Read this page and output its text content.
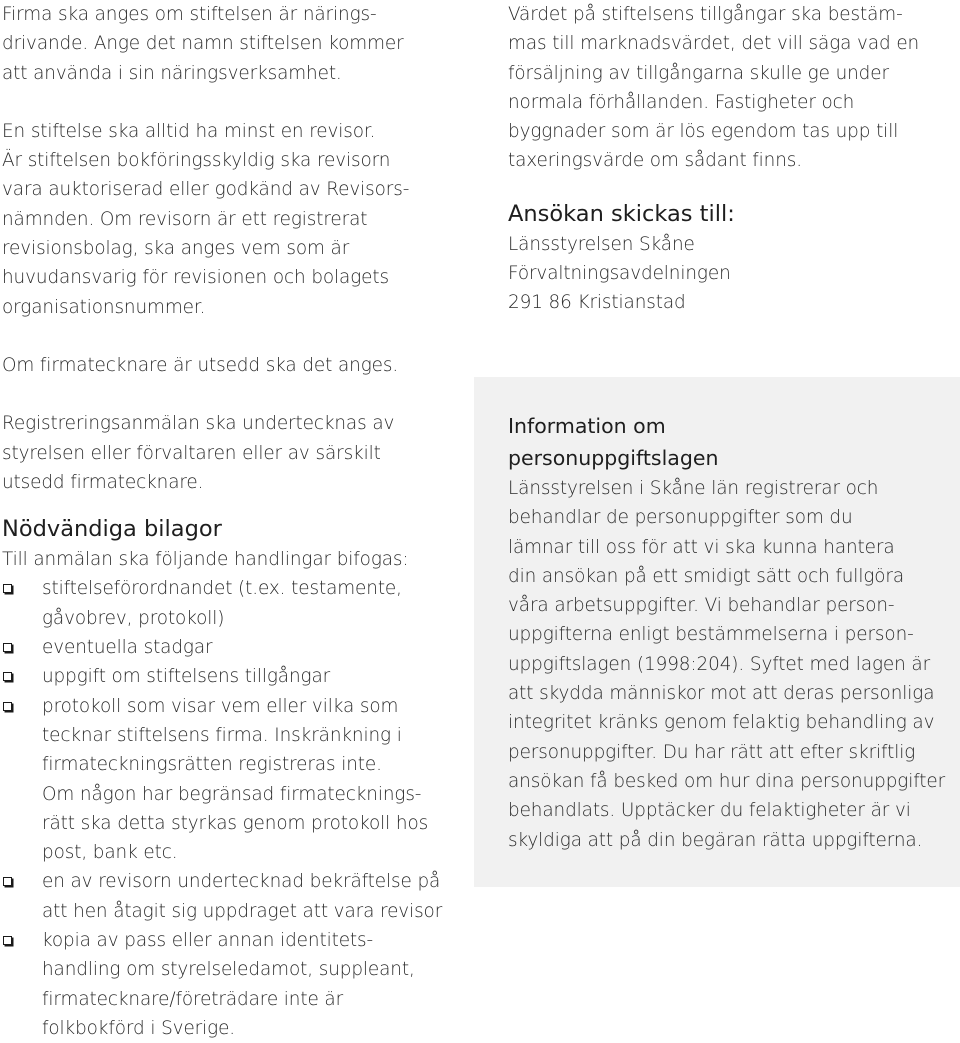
Firma ska anges om stiftelsen är närings-
drivande. Ange det namn stiftelsen kommer
att använda i sin näringsverksamhet.

En stiftelse ska alltid ha minst en revisor.
Är stiftelsen bokföringsskyldig ska revisorn
vara auktoriserad eller godkänd av Revisors-
nämnden. Om revisorn är ett registrerat
revisionsbolag, ska anges vem som är
huvudansvarig för revisionen och bolagets
organisationsnummer.

Om firmatecknare är utsedd ska det anges.

Registreringsanmälan ska undertecknas av
styrelsen eller förvaltaren eller av särskilt
utsedd firmatecknare.

Nödvändiga bilagor

Till anmälan ska följande handlingar bifogas:

stiftelseförordnandet (t.ex. testamente,
gåvobrev, protokoll)
eventuella stadgar
uppgift om stiftelsens tillgångar
protokoll som visar vem eller vilka som
tecknar stiftelsens firma. Inskränkning i
firmateckningsrätten registreras inte.
Om någon har begränsad firmatecknings-
rätt ska detta styrkas genom protokoll hos
post, bank etc.
en av revisorn undertecknad bekräftelse på
att hen åtagit sig uppdraget att vara revisor
kopia av pass eller annan identitets-
handling om styrelseledamot, suppleant,
firmatecknare/företrädare inte är
folkbokförd i Sverige.

Värdet på stiftelsens tillgångar ska bestäm-
mas till marknadsvärdet, det vill säga vad en
försäljning av tillgångarna skulle ge under
normala förhållanden. Fastigheter och
byggnader som är lös egendom tas upp till
taxeringsvärde om sådant finns.

Ansökan skickas till:

Länsstyrelsen Skåne
Förvaltningsavdelningen
291 86 Kristianstad

Information om
personuppgiftslagen

Länsstyrelsen i Skåne län registrerar och
behandlar de personuppgifter som du
lämnar till oss för att vi ska kunna hantera
din ansökan på ett smidigt sätt och fullgöra
våra arbetsuppgifter. Vi behandlar person-
uppgifterna enligt bestämmelserna i person-
uppgiftslagen (1998:204). Syftet med lagen är
att skydda människor mot att deras personliga
integritet kränks genom felaktig behandling av
personuppgifter. Du har rätt att efter skriftlig
ansökan få besked om hur dina personuppgifter
behandlats. Upptäcker du felaktigheter är vi
skyldiga att på din begäran rätta uppgifterna.
